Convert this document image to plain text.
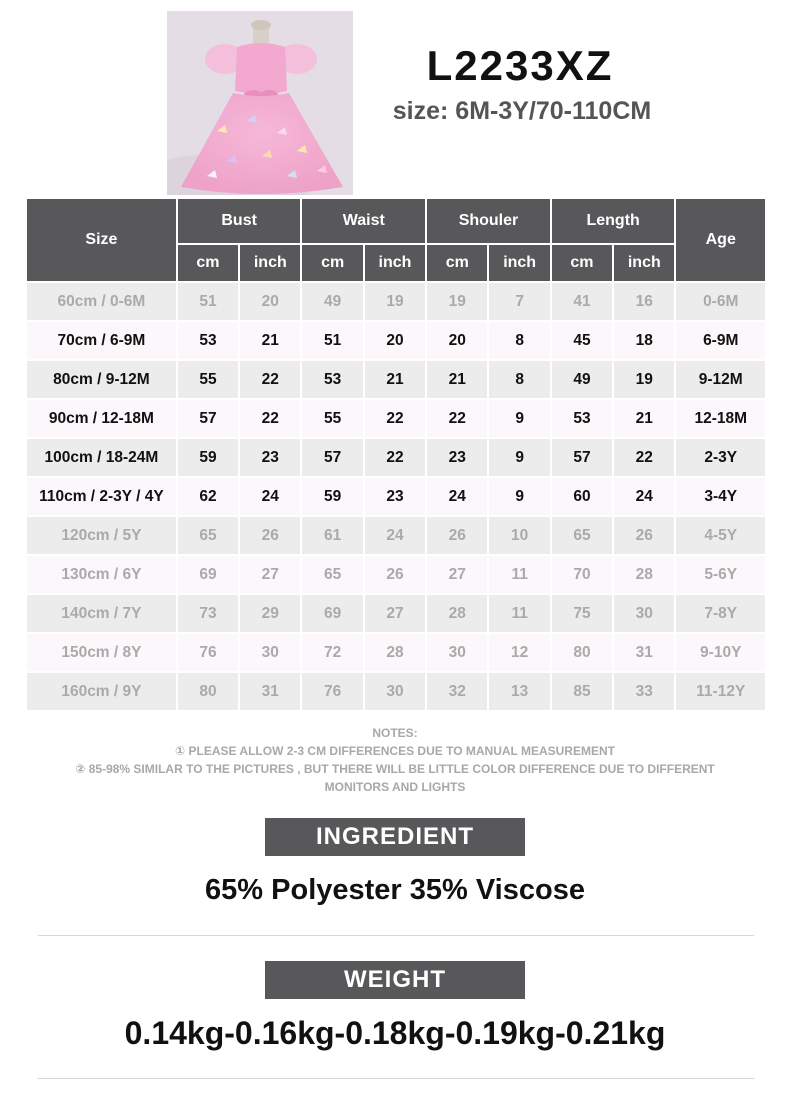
L2233XZ
size: 6M-3Y/70-110CM
Size	Bust		Waist		Shouler		Length		Age
	cm	inch	cm	inch	cm	inch	cm	inch	
60cm / 0-6M	51	20	49	19	19	7	41	16	0-6M
70cm / 6-9M	53	21	51	20	20	8	45	18	6-9M
80cm / 9-12M	55	22	53	21	21	8	49	19	9-12M
90cm / 12-18M	57	22	55	22	22	9	53	21	12-18M
100cm / 18-24M	59	23	57	22	23	9	57	22	2-3Y
110cm / 2-3Y / 4Y	62	24	59	23	24	9	60	24	3-4Y
120cm / 5Y	65	26	61	24	26	10	65	26	4-5Y
130cm / 6Y	69	27	65	26	27	11	70	28	5-6Y
140cm / 7Y	73	29	69	27	28	11	75	30	7-8Y
150cm / 8Y	76	30	72	28	30	12	80	31	9-10Y
160cm / 9Y	80	31	76	30	32	13	85	33	11-12Y
NOTES:
① PLEASE ALLOW 2-3 CM DIFFERENCES DUE TO MANUAL MEASUREMENT
② 85-98% SIMILAR TO THE PICTURES , BUT THERE WILL BE LITTLE COLOR DIFFERENCE DUE TO DIFFERENT
MONITORS AND LIGHTS
INGREDIENT
65% Polyester 35% Viscose
WEIGHT
0.14kg-0.16kg-0.18kg-0.19kg-0.21kg
